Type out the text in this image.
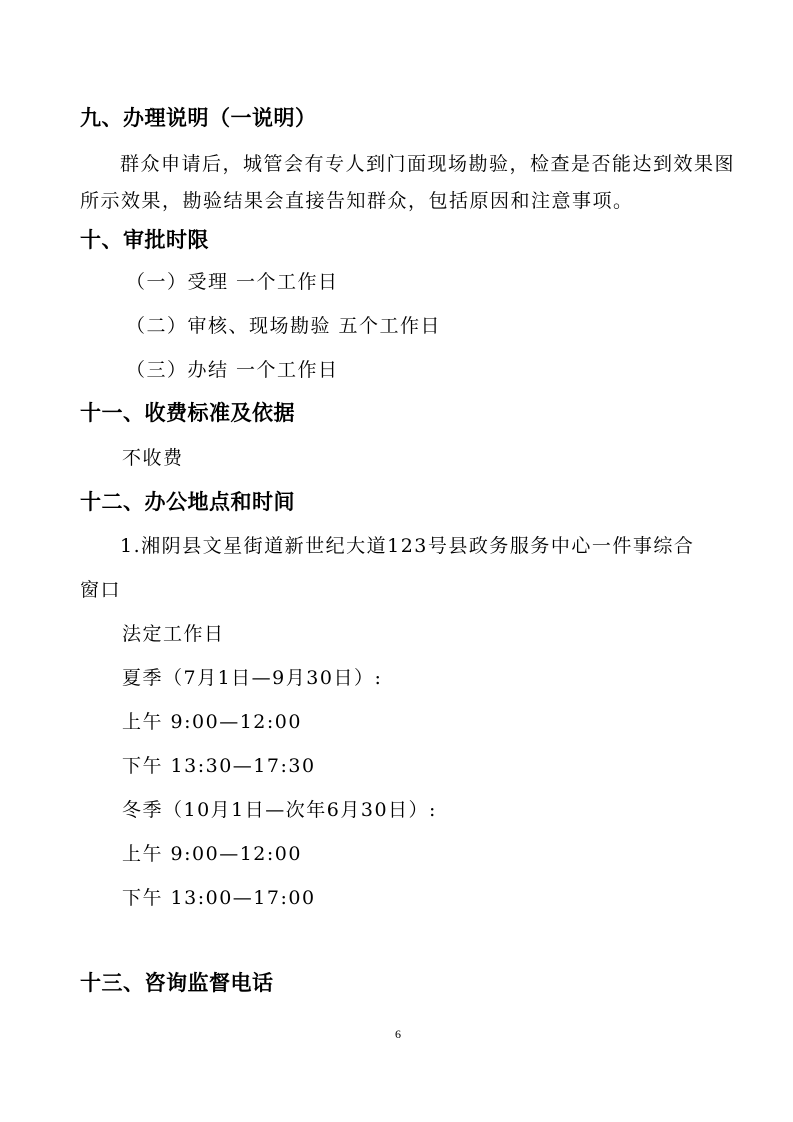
九、办理说明（一说明）
群众申请后，城管会有专人到门面现场勘验，检查是否能达到效果图
所示效果，勘验结果会直接告知群众，包括原因和注意事项。
十、审批时限
（一）受理 一个工作日
（二）审核、现场勘验 五个工作日
（三）办结 一个工作日
十一、收费标准及依据
不收费
十二、办公地点和时间
1.湘阴县文星街道新世纪大道123号县政务服务中心一件事综合
窗口
法定工作日
夏季（7月1日—9月30日）:
上午 9:00—12:00
下午 13:30—17:30
冬季（10月1日—次年6月30日）:
上午 9:00—12:00
下午 13:00—17:00
十三、咨询监督电话
6
